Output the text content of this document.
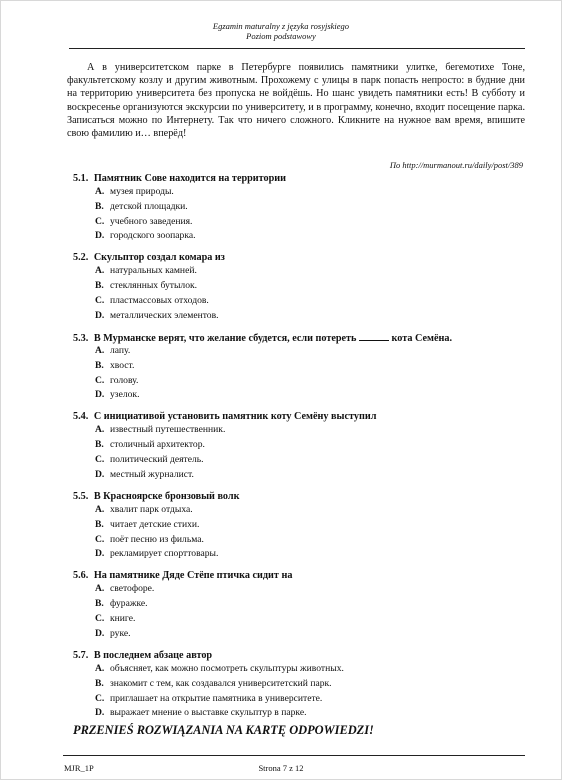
Egzamin maturalny z języka rosyjskiego
Poziom podstawowy

А в университетском парке в Петербурге появились памятники улитке, бегемотихе Тоне, факультетскому козлу и другим животным. Прохожему с улицы в парк попасть непросто: в будние дни на территорию университета без пропуска не войдёшь. Но шанс увидеть памятники есть! В субботу и воскресенье организуются экскурсии по университету, и в программу, конечно, входит посещение парка. Записаться можно по Интернету. Так что ничего сложного. Кликните на нужное вам время, впишите свою фамилию и… вперёд!

По http://murmanout.ru/daily/post/389
5.1. Памятник Сове находится на территории
A. музея природы.
B. детской площадки.
C. учебного заведения.
D. городского зоопарка.
5.2. Скульптор создал комара из
A. натуральных камней.
B. стеклянных бутылок.
C. пластмассовых отходов.
D. металлических элементов.
5.3. В Мурманске верят, что желание сбудется, если потереть	кота Семёна.
A. лапу.
B. хвост.
C. голову.
D. узелок.
5.4. С инициативой установить памятник коту Семёну выступил
A. известный путешественник.
B. столичный архитектор.
C. политический деятель.
D. местный журналист.
5.5. В Красноярске бронзовый волк
A. хвалит парк отдыха.
B. читает детские стихи.
C. поёт песню из фильма.
D. рекламирует спорттовары.
5.6. На памятнике Дяде Стёпе птичка сидит на
A. светофоре.
B. фуражке.
C. книге.
D. руке.
5.7. В последнем абзаце автор
A. объясняет, как можно посмотреть скульптуры животных.
B. знакомит с тем, как создавался университетский парк.
C. приглашает на открытие памятника в университете.
D. выражает мнение о выставке скульптур в парке.
PRZENIEŚ ROZWIĄZANIA NA KARTĘ ODPOWIEDZI!
MJR_1P	Strona 7 z 12
